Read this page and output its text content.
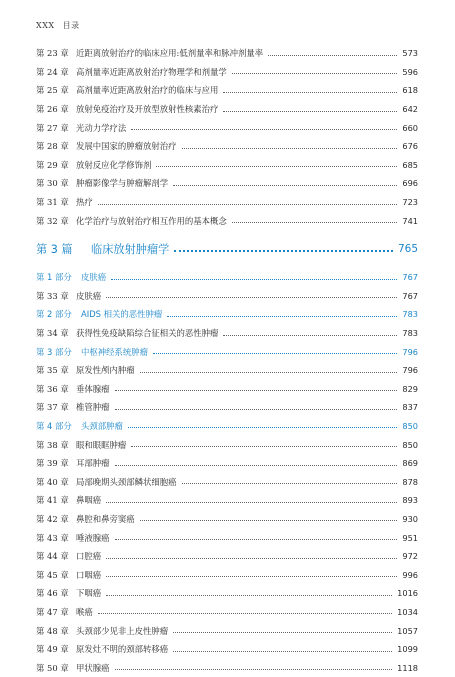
XXX 目录
第 23 章 近距离放射治疗的临床应用:低剂量率和脉冲剂量率	573
第 24 章 高剂量率近距离放射治疗物理学和剂量学	596
第 25 章 高剂量率近距离放射治疗的临床与应用	618
第 26 章 放射免疫治疗及开放型放射性核素治疗	642
第 27 章 光动力学疗法	660
第 28 章 发展中国家的肿瘤放射治疗	676
第 29 章 放射反应化学修饰剂	685
第 30 章 肿瘤影像学与肿瘤解剖学	696
第 31 章 热疗	723
第 32 章 化学治疗与放射治疗相互作用的基本概念	741
第 3 篇	临床放射肿瘤学	765
第 1 部分	皮肤癌	767
第 33 章 皮肤癌	767
第 2 部分	AIDS 相关的恶性肿瘤	783
第 34 章 获得性免疫缺陷综合征相关的恶性肿瘤	783
第 3 部分	中枢神经系统肿瘤	796
第 35 章 原发性颅内肿瘤	796
第 36 章 垂体腺瘤	829
第 37 章 椎管肿瘤	837
第 4 部分	头颈部肿瘤	850
第 38 章 眼和眼眶肿瘤	850
第 39 章 耳部肿瘤	869
第 40 章 局部晚期头颈部鳞状细胞癌	878
第 41 章 鼻咽癌	893
第 42 章 鼻腔和鼻旁窦癌	930
第 43 章 唾液腺癌	951
第 44 章 口腔癌	972
第 45 章 口咽癌	996
第 46 章 下咽癌	1016
第 47 章 喉癌	1034
第 48 章 头颈部少见非上皮性肿瘤	1057
第 49 章 原发灶不明的颈部转移癌	1099
第 50 章 甲状腺癌	1118
